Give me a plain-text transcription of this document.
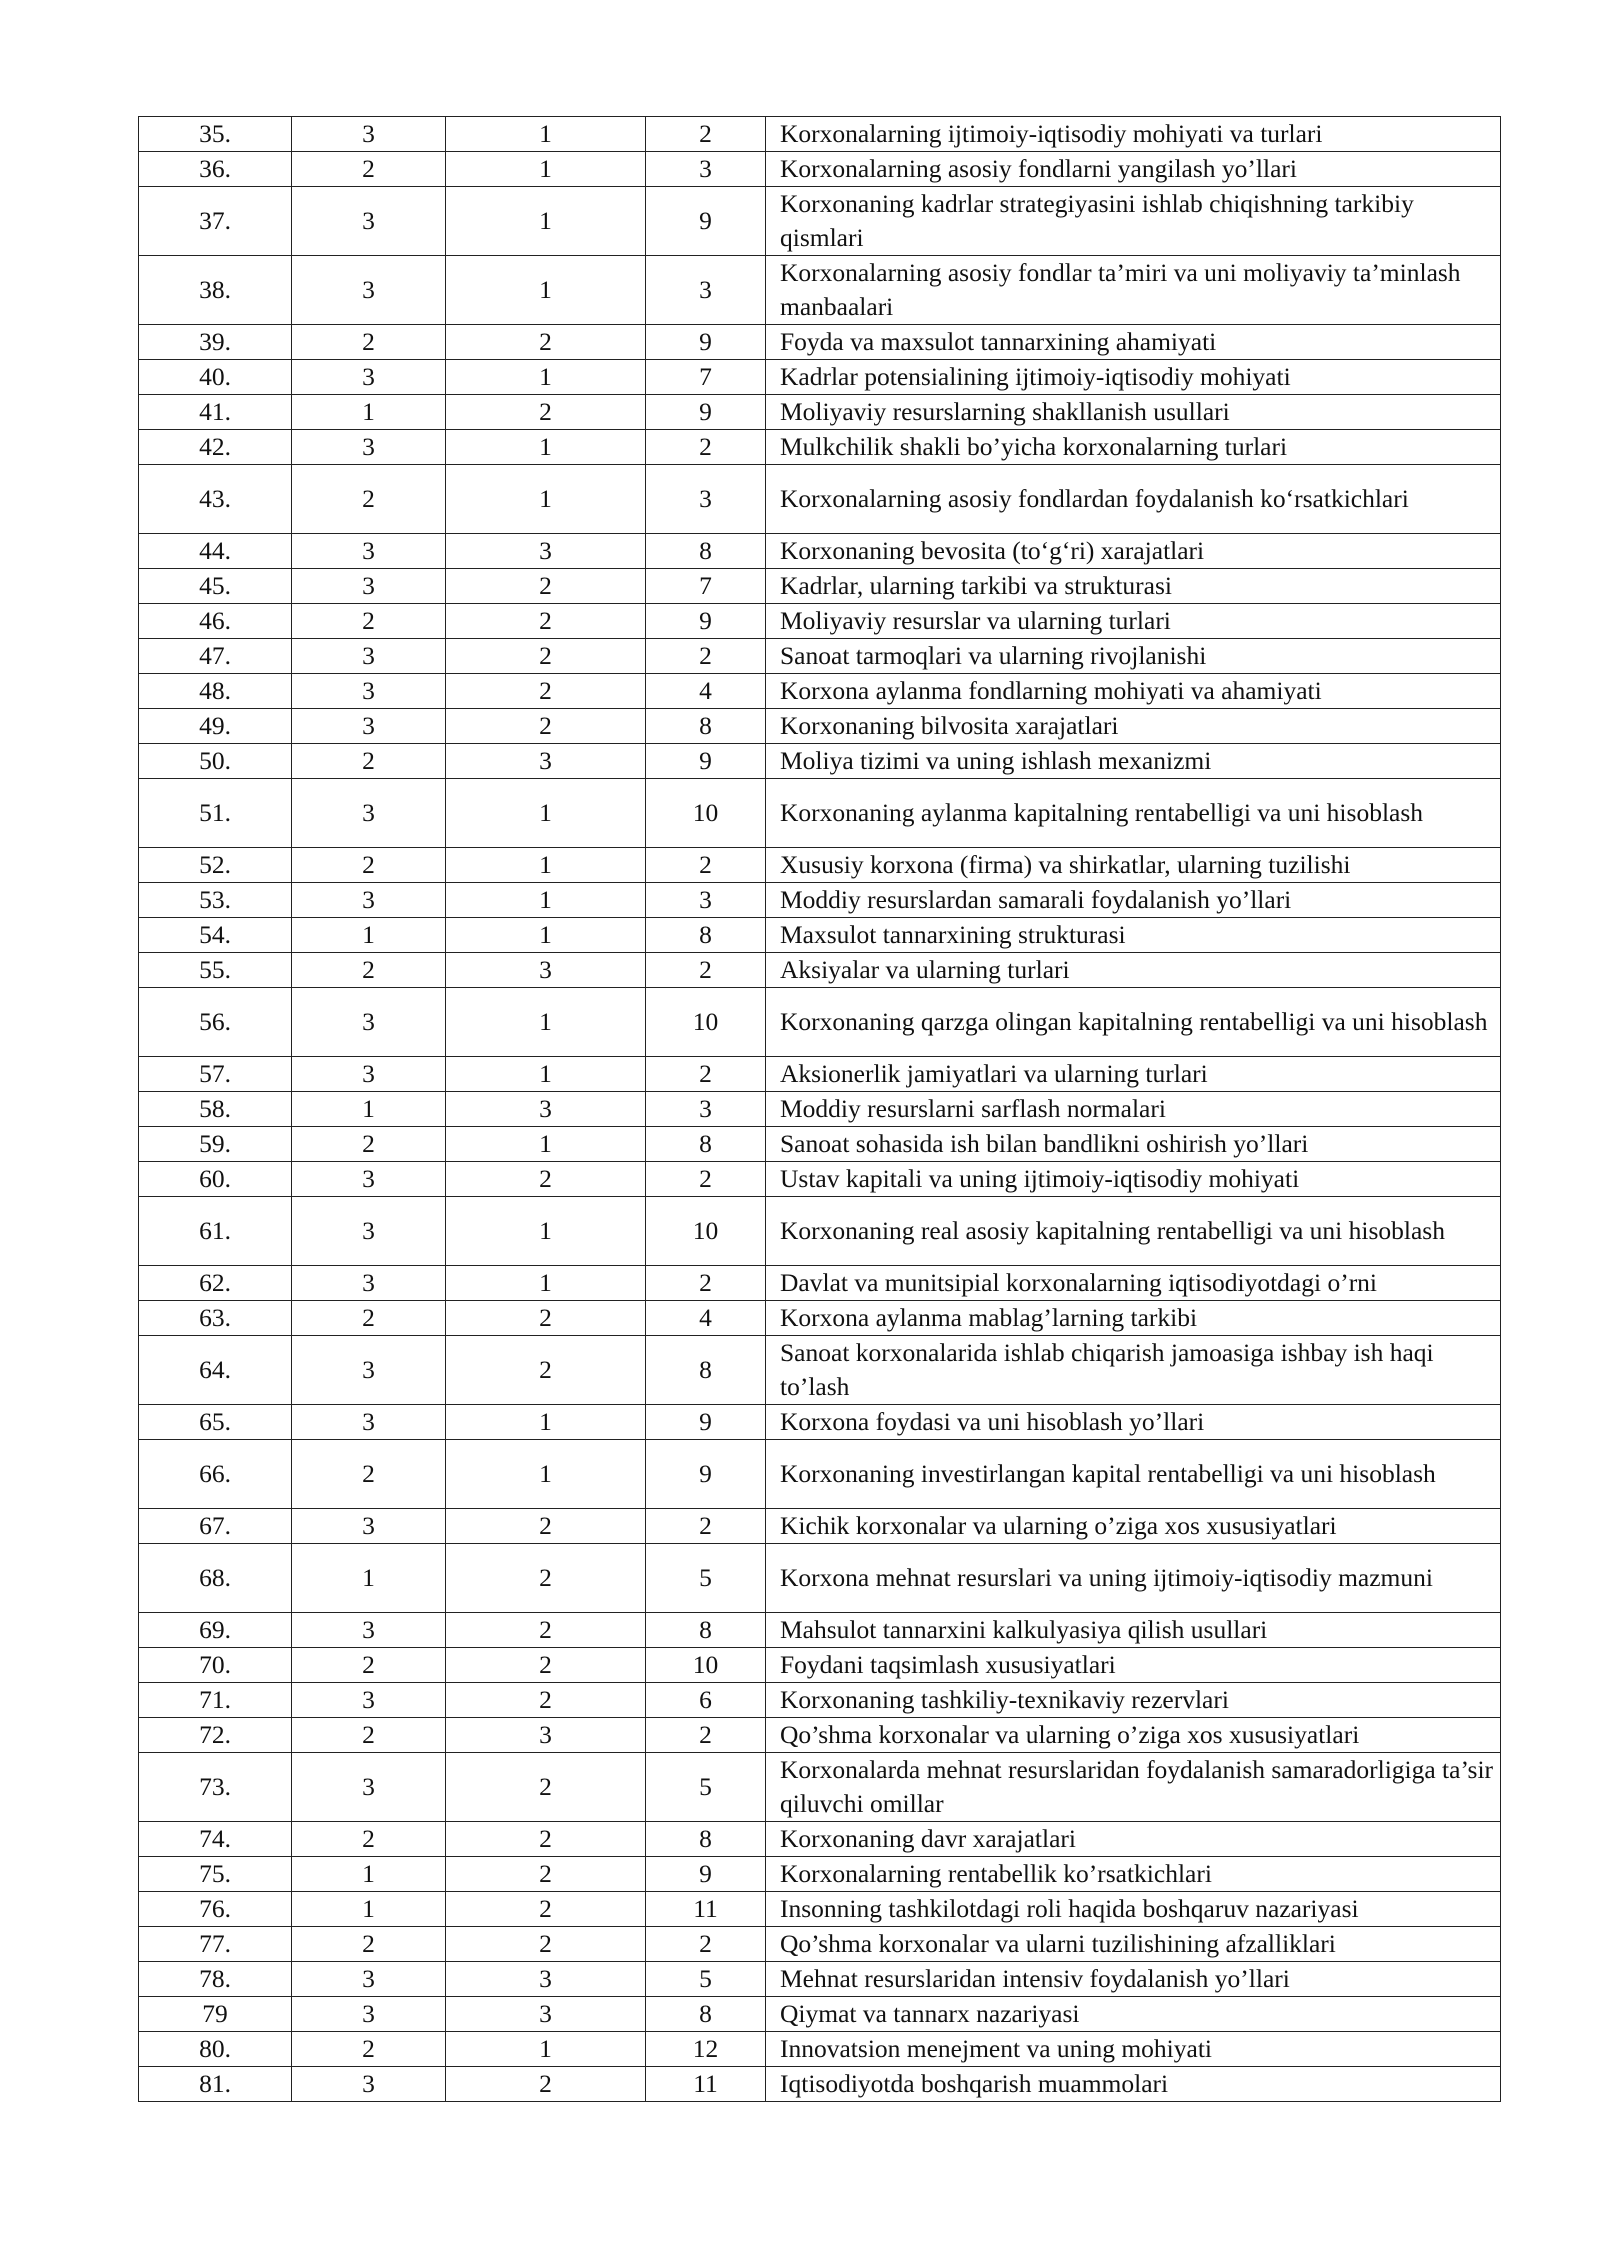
35.	3	1	2	Korxonalarning ijtimoiy-iqtisodiy mohiyati va turlari
36.	2	1	3	Korxonalarning asosiy fondlarni yangilash yo’llari
37.	3	1	9	Korxonaning kadrlar strategiyasini ishlab chiqishning tarkibiy qismlari
38.	3	1	3	Korxonalarning asosiy fondlar ta’miri va uni moliyaviy ta’minlash manbaalari
39.	2	2	9	Foyda va maxsulot tannarxining ahamiyati
40.	3	1	7	Kadrlar potensialining ijtimoiy-iqtisodiy mohiyati
41.	1	2	9	Moliyaviy resurslarning shakllanish usullari
42.	3	1	2	Mulkchilik shakli bo’yicha korxonalarning turlari
43.	2	1	3	Korxonalarning asosiy fondlardan foydalanish ko‘rsatkichlari
44.	3	3	8	Korxonaning bevosita (to‘g‘ri) xarajatlari
45.	3	2	7	Kadrlar, ularning tarkibi va strukturasi
46.	2	2	9	Moliyaviy resurslar va ularning turlari
47.	3	2	2	Sanoat tarmoqlari va ularning rivojlanishi
48.	3	2	4	Korxona aylanma fondlarning mohiyati va ahamiyati
49.	3	2	8	Korxonaning bilvosita xarajatlari
50.	2	3	9	Moliya tizimi va uning ishlash mexanizmi
51.	3	1	10	Korxonaning aylanma kapitalning rentabelligi va uni hisoblash
52.	2	1	2	Xususiy korxona (firma) va shirkatlar, ularning tuzilishi
53.	3	1	3	Moddiy resurslardan samarali foydalanish yo’llari
54.	1	1	8	Maxsulot tannarxining strukturasi
55.	2	3	2	Aksiyalar va ularning turlari
56.	3	1	10	Korxonaning qarzga olingan kapitalning rentabelligi va uni hisoblash
57.	3	1	2	Aksionerlik jamiyatlari va ularning turlari
58.	1	3	3	Moddiy resurslarni sarflash normalari
59.	2	1	8	Sanoat sohasida ish bilan bandlikni oshirish yo’llari
60.	3	2	2	Ustav kapitali va uning ijtimoiy-iqtisodiy mohiyati
61.	3	1	10	Korxonaning real asosiy kapitalning rentabelligi va uni hisoblash
62.	3	1	2	Davlat va munitsipial korxonalarning iqtisodiyotdagi o’rni
63.	2	2	4	Korxona aylanma mablag’larning tarkibi
64.	3	2	8	Sanoat korxonalarida ishlab chiqarish jamoasiga ishbay ish haqi to’lash
65.	3	1	9	Korxona foydasi va uni hisoblash yo’llari
66.	2	1	9	Korxonaning investirlangan kapital rentabelligi va uni hisoblash
67.	3	2	2	Kichik korxonalar va ularning o’ziga xos xususiyatlari
68.	1	2	5	Korxona mehnat resurslari va uning ijtimoiy-iqtisodiy mazmuni
69.	3	2	8	Mahsulot tannarxini kalkulyasiya qilish usullari
70.	2	2	10	Foydani taqsimlash xususiyatlari
71.	3	2	6	Korxonaning tashkiliy-texnikaviy rezervlari
72.	2	3	2	Qo’shma korxonalar va ularning o’ziga xos xususiyatlari
73.	3	2	5	Korxonalarda mehnat resurslaridan foydalanish samaradorligiga ta’sir qiluvchi omillar
74.	2	2	8	Korxonaning davr xarajatlari
75.	1	2	9	Korxonalarning rentabellik ko’rsatkichlari
76.	1	2	11	Insonning tashkilotdagi roli haqida boshqaruv nazariyasi
77.	2	2	2	Qo’shma korxonalar va ularni tuzilishining afzalliklari
78.	3	3	5	Mehnat resurslaridan intensiv foydalanish yo’llari
79	3	3	8	Qiymat va tannarx nazariyasi
80.	2	1	12	Innovatsion menejment va uning mohiyati
81.	3	2	11	Iqtisodiyotda boshqarish muammolari
